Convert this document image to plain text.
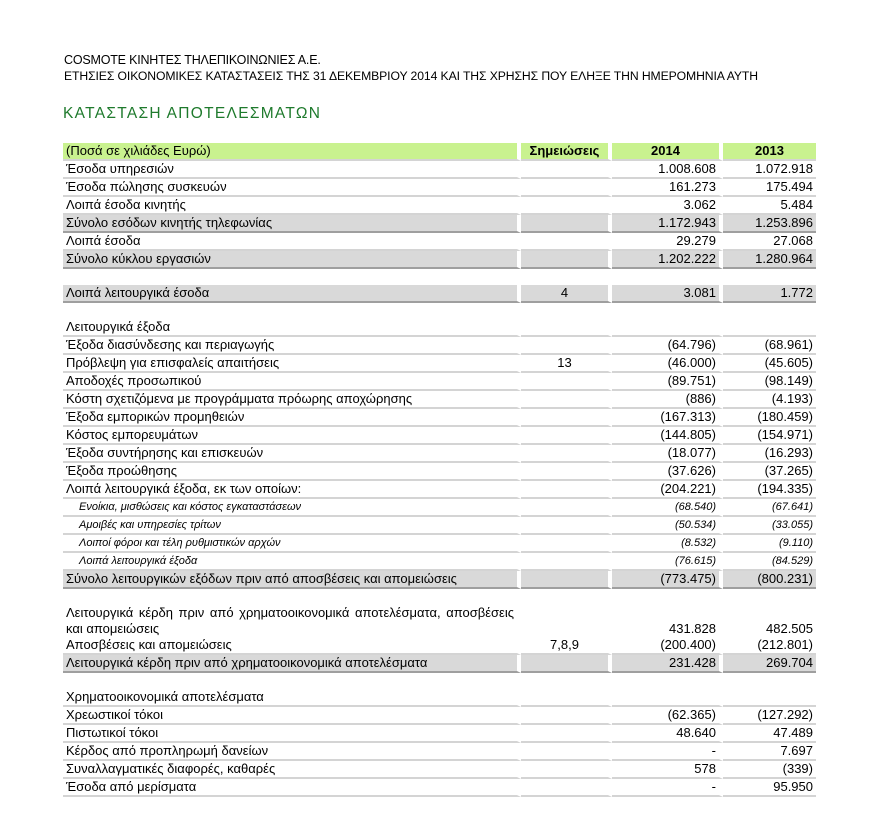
COSMOTE ΚΙΝΗΤΕΣ ΤΗΛΕΠΙΚΟΙΝΩΝΙΕΣ Α.Ε.
ΕΤΗΣΙΕΣ ΟΙΚΟΝΟΜΙΚΕΣ ΚΑΤΑΣΤΑΣΕΙΣ ΤΗΣ 31 ΔΕΚΕΜΒΡΙΟΥ 2014 ΚΑΙ ΤΗΣ ΧΡΗΣΗΣ ΠΟΥ ΕΛΗΞΕ ΤΗΝ ΗΜΕΡΟΜΗΝΙΑ ΑΥΤΗ
ΚΑΤΑΣΤΑΣΗ ΑΠΟΤΕΛΕΣΜΑΤΩΝ
(Ποσά σε χιλιάδες Ευρώ)	Σημειώσεις	2014	2013
Έσοδα υπηρεσιών		1.008.608	1.072.918
Έσοδα πώλησης συσκευών		161.273	175.494
Λοιπά έσοδα κινητής		3.062	5.484
Σύνολο εσόδων κινητής τηλεφωνίας		1.172.943	1.253.896
Λοιπά έσοδα		29.279	27.068
Σύνολο κύκλου εργασιών		1.202.222	1.280.964

Λοιπά λειτουργικά έσοδα	4	3.081	1.772

Λειτουργικά έξοδα			
Έξοδα διασύνδεσης και περιαγωγής		(64.796)	(68.961)
Πρόβλεψη για επισφαλείς απαιτήσεις	13	(46.000)	(45.605)
Αποδοχές προσωπικού		(89.751)	(98.149)
Κόστη σχετιζόμενα με προγράμματα πρόωρης αποχώρησης		(886)	(4.193)
Έξοδα εμπορικών προμηθειών		(167.313)	(180.459)
Κόστος εμπορευμάτων		(144.805)	(154.971)
Έξοδα συντήρησης και επισκευών		(18.077)	(16.293)
Έξοδα προώθησης		(37.626)	(37.265)
Λοιπά λειτουργικά έξοδα, εκ των οποίων:		(204.221)	(194.335)
Ενοίκια, μισθώσεις και κόστος εγκαταστάσεων		(68.540)	(67.641)
Αμοιβές και υπηρεσίες τρίτων		(50.534)	(33.055)
Λοιποί φόροι και τέλη ρυθμιστικών αρχών		(8.532)	(9.110)
Λοιπά λειτουργικά έξοδα		(76.615)	(84.529)
Σύνολο λειτουργικών εξόδων πριν από αποσβέσεις και απομειώσεις		(773.475)	(800.231)

Λειτουργικά κέρδη πριν από χρηματοοικονομικά αποτελέσματα, αποσβέσεις και απομειώσεις		431.828	482.505
Αποσβέσεις και απομειώσεις	7,8,9	(200.400)	(212.801)
Λειτουργικά κέρδη πριν από χρηματοοικονομικά αποτελέσματα		231.428	269.704

Χρηματοοικονομικά αποτελέσματα			
Χρεωστικοί τόκοι		(62.365)	(127.292)
Πιστωτικοί τόκοι		48.640	47.489
Κέρδος από προπληρωμή δανείων		-	7.697
Συναλλαγματικές διαφορές, καθαρές		578	(339)
Έσοδα από μερίσματα		-	95.950
